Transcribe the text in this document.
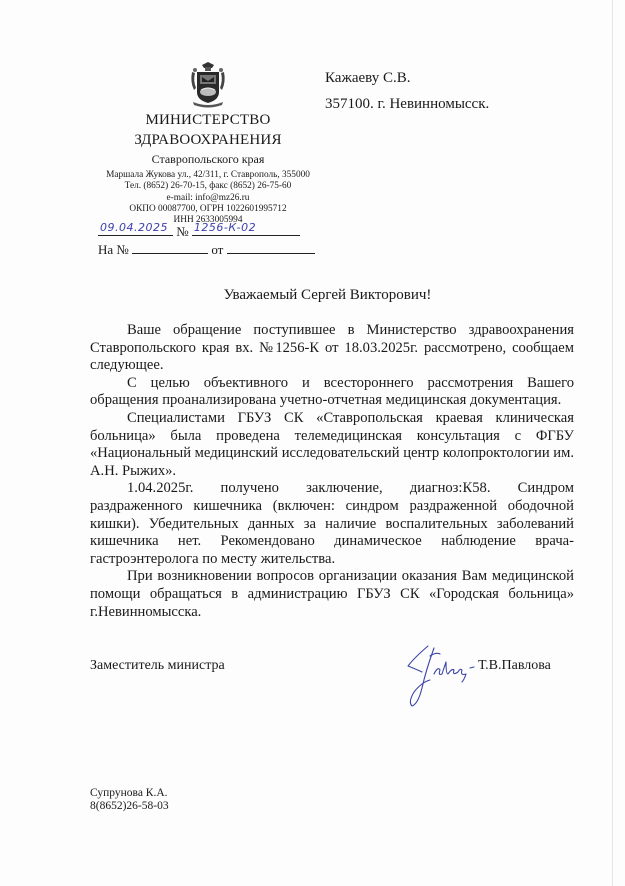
МИНИСТЕРСТВО
ЗДРАВООХРАНЕНИЯ
Ставропольского края
Маршала Жукова ул., 42/311, г. Ставрополь, 355000
Тел. (8652) 26-70-15, факс (8652) 26-75-60
e-mail: info@mz26.ru
ОКПО 00087700, ОГРН 1022601995712
ИНН 2633005994
09.04.2025 № 1256-К-02
На №	от
Кажаеву С.В.
357100. г. Невинномысск.
Уважаемый Сергей Викторович!

Ваше обращение поступившее в Министерство здравоохранения Ставропольского края вх. №1256-К от 18.03.2025г. рассмотрено, сообщаем следующее.

С целью объективного и всестороннего рассмотрения Вашего обращения проанализирована учетно-отчетная медицинская документация.

Специалистами ГБУЗ СК «Ставропольская краевая клиническая больница» была проведена телемедицинская консультация с ФГБУ «Национальный медицинский исследовательский центр колопроктологии им. А.Н. Рыжих».

1.04.2025г. получено заключение, диагноз:К58. Синдром раздраженного кишечника (включен: синдром раздраженной ободочной кишки). Убедительных данных за наличие воспалительных заболеваний кишечника нет. Рекомендовано динамическое наблюдение врача-гастроэнтеролога по месту жительства.

При возникновении вопросов организации оказания Вам медицинской помощи обращаться в администрацию ГБУЗ СК «Городская больница» г.Невинномысска.

Заместитель министра	Т.В.Павлова
Супрунова К.А.
8(8652)26-58-03
